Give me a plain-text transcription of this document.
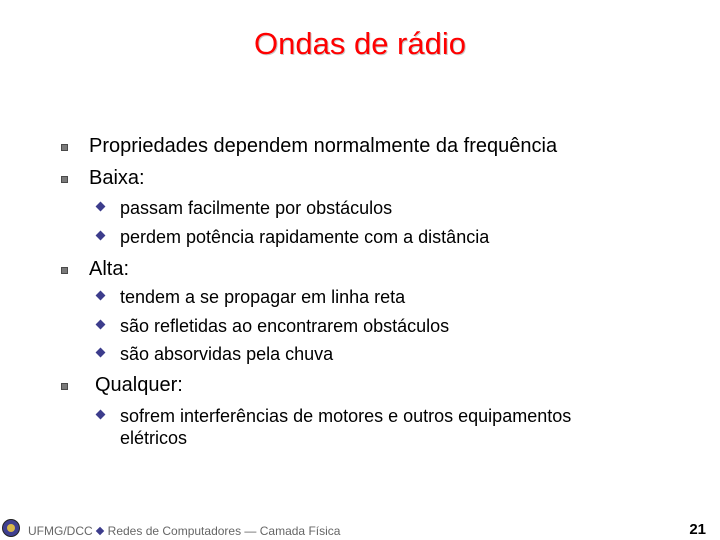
Ondas de rádio
Propriedades dependem normalmente da frequência
Baixa:
passam facilmente por obstáculos
perdem potência rapidamente com a distância
Alta:
tendem a se propagar em linha reta
são refletidas ao encontrarem obstáculos
são absorvidas pela chuva
Qualquer:
sofrem interferências de motores e outros equipamentos elétricos
UFMG/DCC Redes de Computadores ― Camada Física	21
